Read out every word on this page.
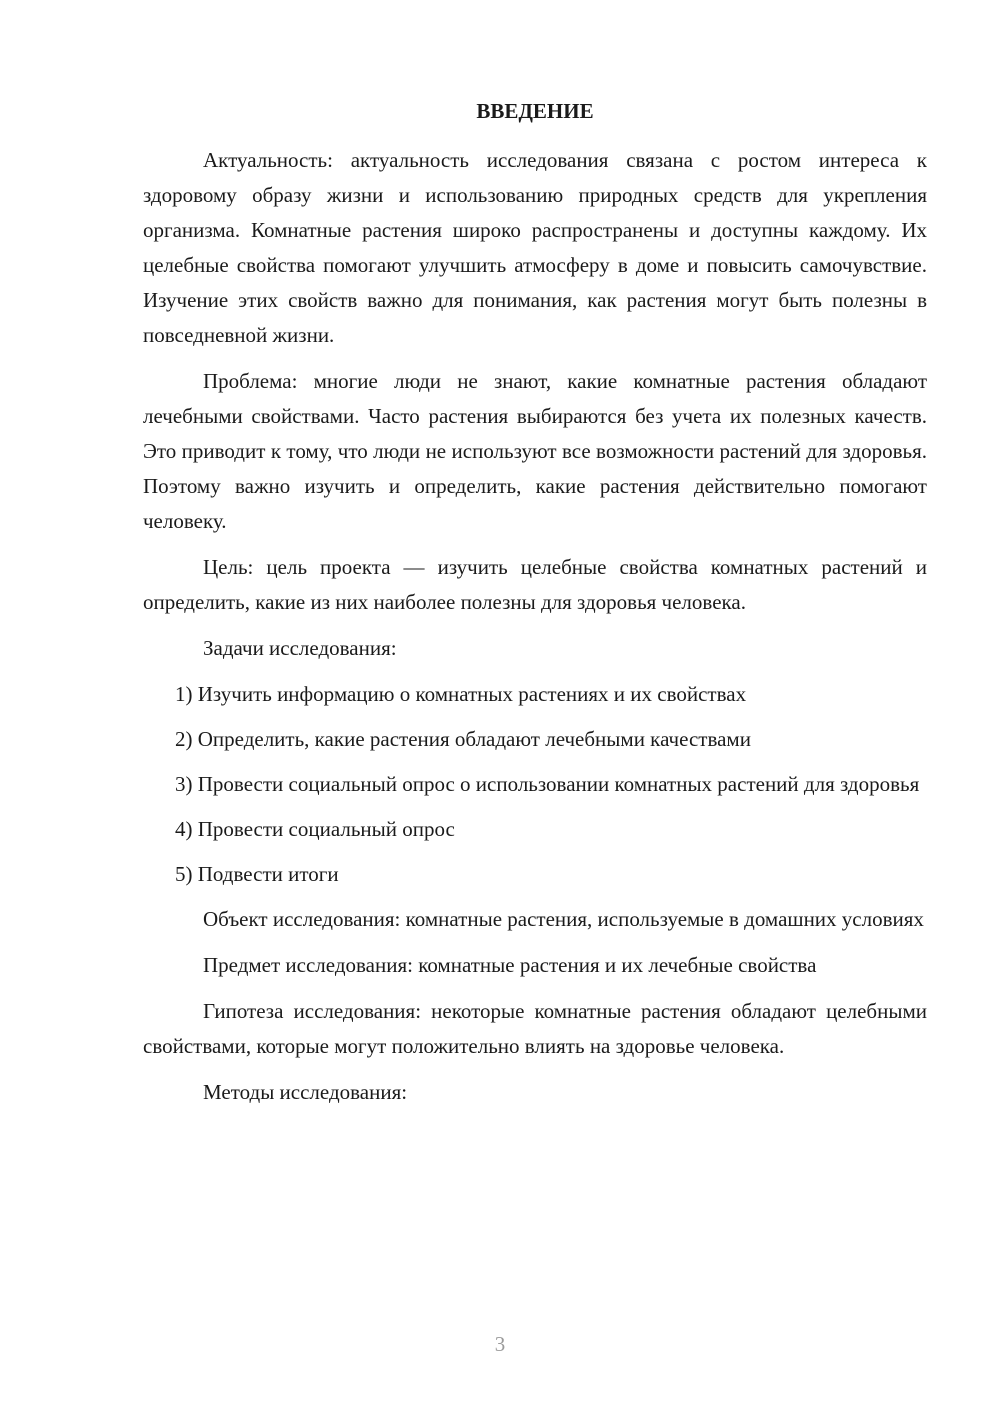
ВВЕДЕНИЕ

Актуальность: актуальность исследования связана с ростом интереса к здоровому образу жизни и использованию природных средств для укрепления организма. Комнатные растения широко распространены и доступны каждому. Их целебные свойства помогают улучшить атмосферу в доме и повысить самочувствие. Изучение этих свойств важно для понимания, как растения могут быть полезны в повседневной жизни.

Проблема: многие люди не знают, какие комнатные растения обладают лечебными свойствами. Часто растения выбираются без учета их полезных качеств. Это приводит к тому, что люди не используют все возможности растений для здоровья. Поэтому важно изучить и определить, какие растения действительно помогают человеку.

Цель: цель проекта — изучить целебные свойства комнатных растений и определить, какие из них наиболее полезны для здоровья человека.

Задачи исследования:

1) Изучить информацию о комнатных растениях и их свойствах

2) Определить, какие растения обладают лечебными качествами

3) Провести социальный опрос о использовании комнатных растений для здоровья

4) Провести социальный опрос

5) Подвести итоги

Объект исследования: комнатные растения, используемые в домашних условиях

Предмет исследования: комнатные растения и их лечебные свойства

Гипотеза исследования: некоторые комнатные растения обладают целебными свойствами, которые могут положительно влиять на здоровье человека.

Методы исследования:

3
